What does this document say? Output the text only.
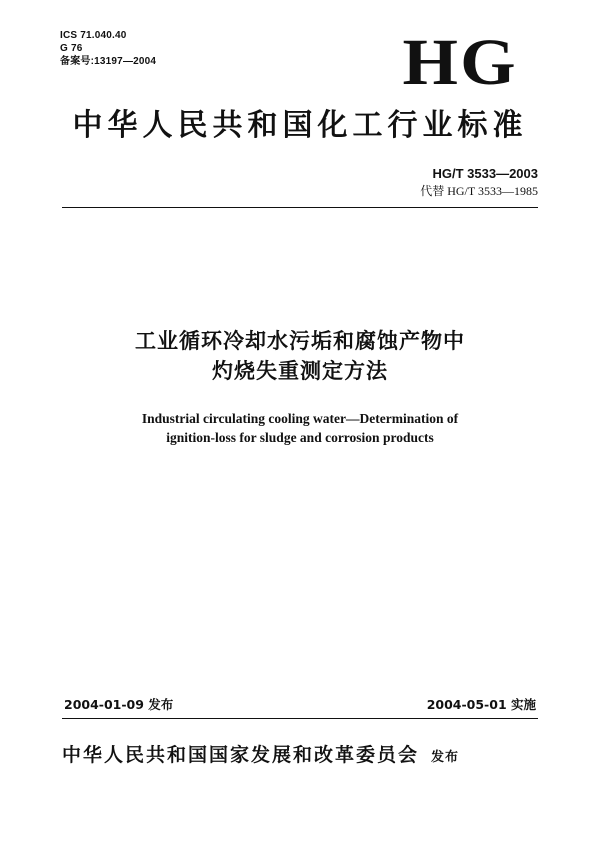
ICS 71.040.40
G 76
备案号:13197—2004	HG
中华人民共和国化工行业标准
HG/T 3533—2003
代替 HG/T 3533—1985
工业循环冷却水污垢和腐蚀产物中
灼烧失重测定方法
Industrial circulating cooling water—Determination of
ignition-loss for sludge and corrosion products
2004-01-09 发布	2004-05-01 实施
中华人民共和国国家发展和改革委员会 发布
